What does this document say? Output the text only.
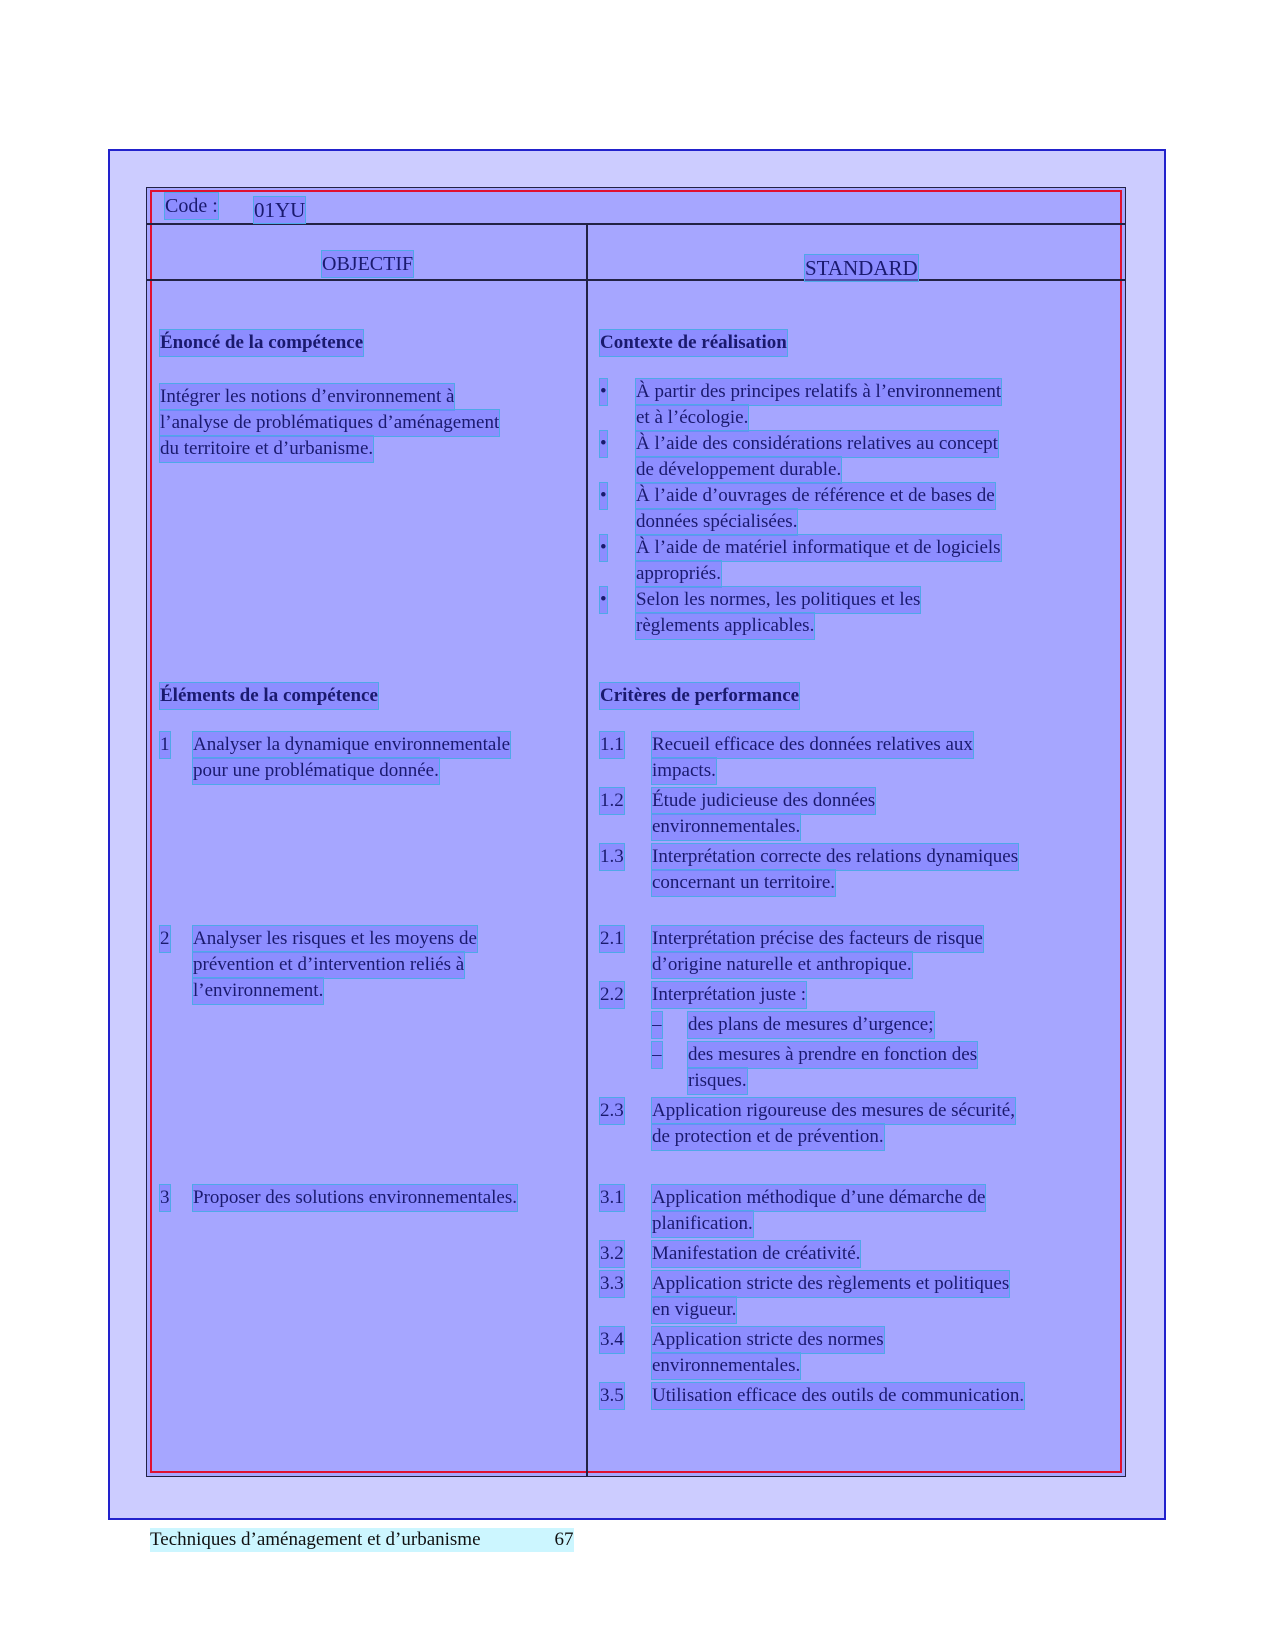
Code : 01YU
OBJECTIF	STANDARD
Énoncé de la compétence
Intégrer les notions d’environnement à
l’analyse de problématiques d’aménagement
du territoire et d’urbanisme.
Éléments de la compétence
1 Analyser la dynamique environnementale
pour une problématique donnée.
2 Analyser les risques et les moyens de
prévention et d’intervention reliés à
l’environnement.
3 Proposer des solutions environnementales.
Contexte de réalisation
• À partir des principes relatifs à l’environnement
et à l’écologie.
• À l’aide des considérations relatives au concept
de développement durable.
• À l’aide d’ouvrages de référence et de bases de
données spécialisées.
• À l’aide de matériel informatique et de logiciels
appropriés.
• Selon les normes, les politiques et les
règlements applicables.
Critères de performance
1.1 Recueil efficace des données relatives aux
impacts.
1.2 Étude judicieuse des données
environnementales.
1.3 Interprétation correcte des relations dynamiques
concernant un territoire.
2.1 Interprétation précise des facteurs de risque
d’origine naturelle et anthropique.
2.2 Interprétation juste :
– des plans de mesures d’urgence;
– des mesures à prendre en fonction des
risques.
2.3 Application rigoureuse des mesures de sécurité,
de protection et de prévention.
3.1 Application méthodique d’une démarche de
planification.
3.2 Manifestation de créativité.
3.3 Application stricte des règlements et politiques
en vigueur.
3.4 Application stricte des normes
environnementales.
3.5 Utilisation efficace des outils de communication.
Techniques d’aménagement et d’urbanisme	67
